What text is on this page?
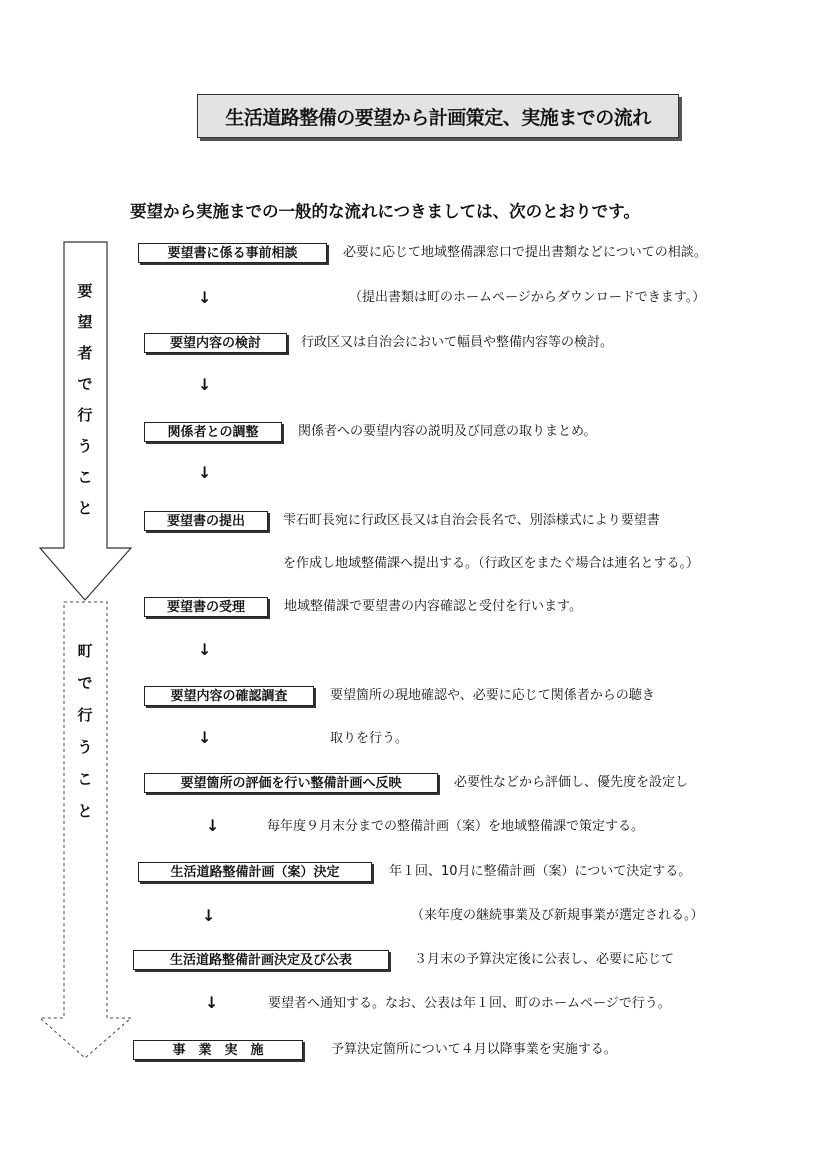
生活道路整備の要望から計画策定、実施までの流れ
要望から実施までの一般的な流れにつきましては、次のとおりです。
要
望
者
で
行
う
こ
と
町
で
行
う
こ
と
要望書に係る事前相談	必要に応じて地域整備課窓口で提出書類などについての相談。
↓	（提出書類は町のホームページからダウンロードできます。）
要望内容の検討	行政区又は自治会において幅員や整備内容等の検討。
↓
関係者との調整	関係者への要望内容の説明及び同意の取りまとめ。
↓
要望書の提出	雫石町長宛に行政区長又は自治会長名で、別添様式により要望書
を作成し地域整備課へ提出する。（行政区をまたぐ場合は連名とする。）
要望書の受理	地域整備課で要望書の内容確認と受付を行います。
↓
要望内容の確認調査	要望箇所の現地確認や、必要に応じて関係者からの聴き
↓	取りを行う。
要望箇所の評価を行い整備計画へ反映	必要性などから評価し、優先度を設定し
↓	毎年度９月末分までの整備計画（案）を地域整備課で策定する。
生活道路整備計画（案）決定	年１回、10月に整備計画（案）について決定する。
↓	（来年度の継続事業及び新規事業が選定される。）
生活道路整備計画決定及び公表	３月末の予算決定後に公表し、必要に応じて
↓	要望者へ通知する。なお、公表は年１回、町のホームページで行う。
事　業　実　施	予算決定箇所について４月以降事業を実施する。
